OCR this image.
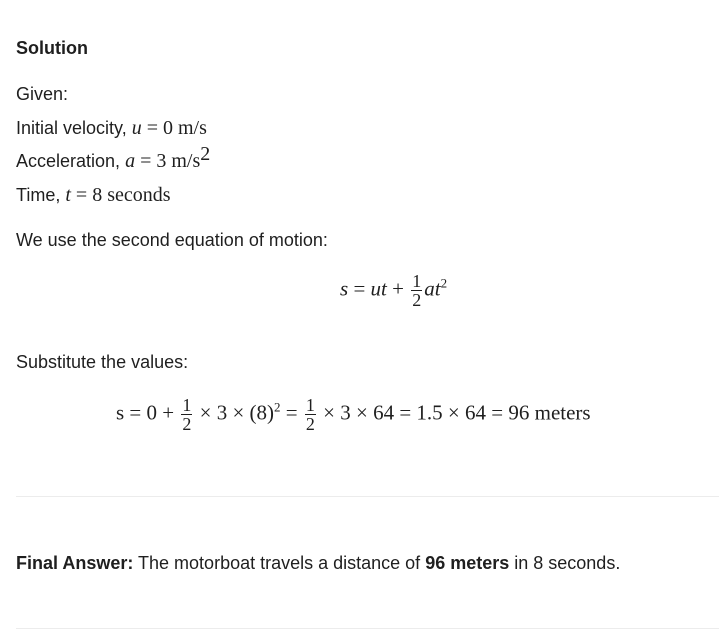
Solution
Given:
Initial velocity, u = 0 m/s
Acceleration, a = 3 $m/s^2$
Time, t = 8 seconds
We use the second equation of motion:
s = ut + $\frac{1}{2} at^2$
Substitute the values:
$s = 0 + \frac{1}{2} \times 3 \times (8)^2 = \frac{1}{2} \times 3 \times 64 = 1.5 \times 64 = 96$ meters
Final Answer: The motorboat travels a distance of 96 meters in 8 seconds.
